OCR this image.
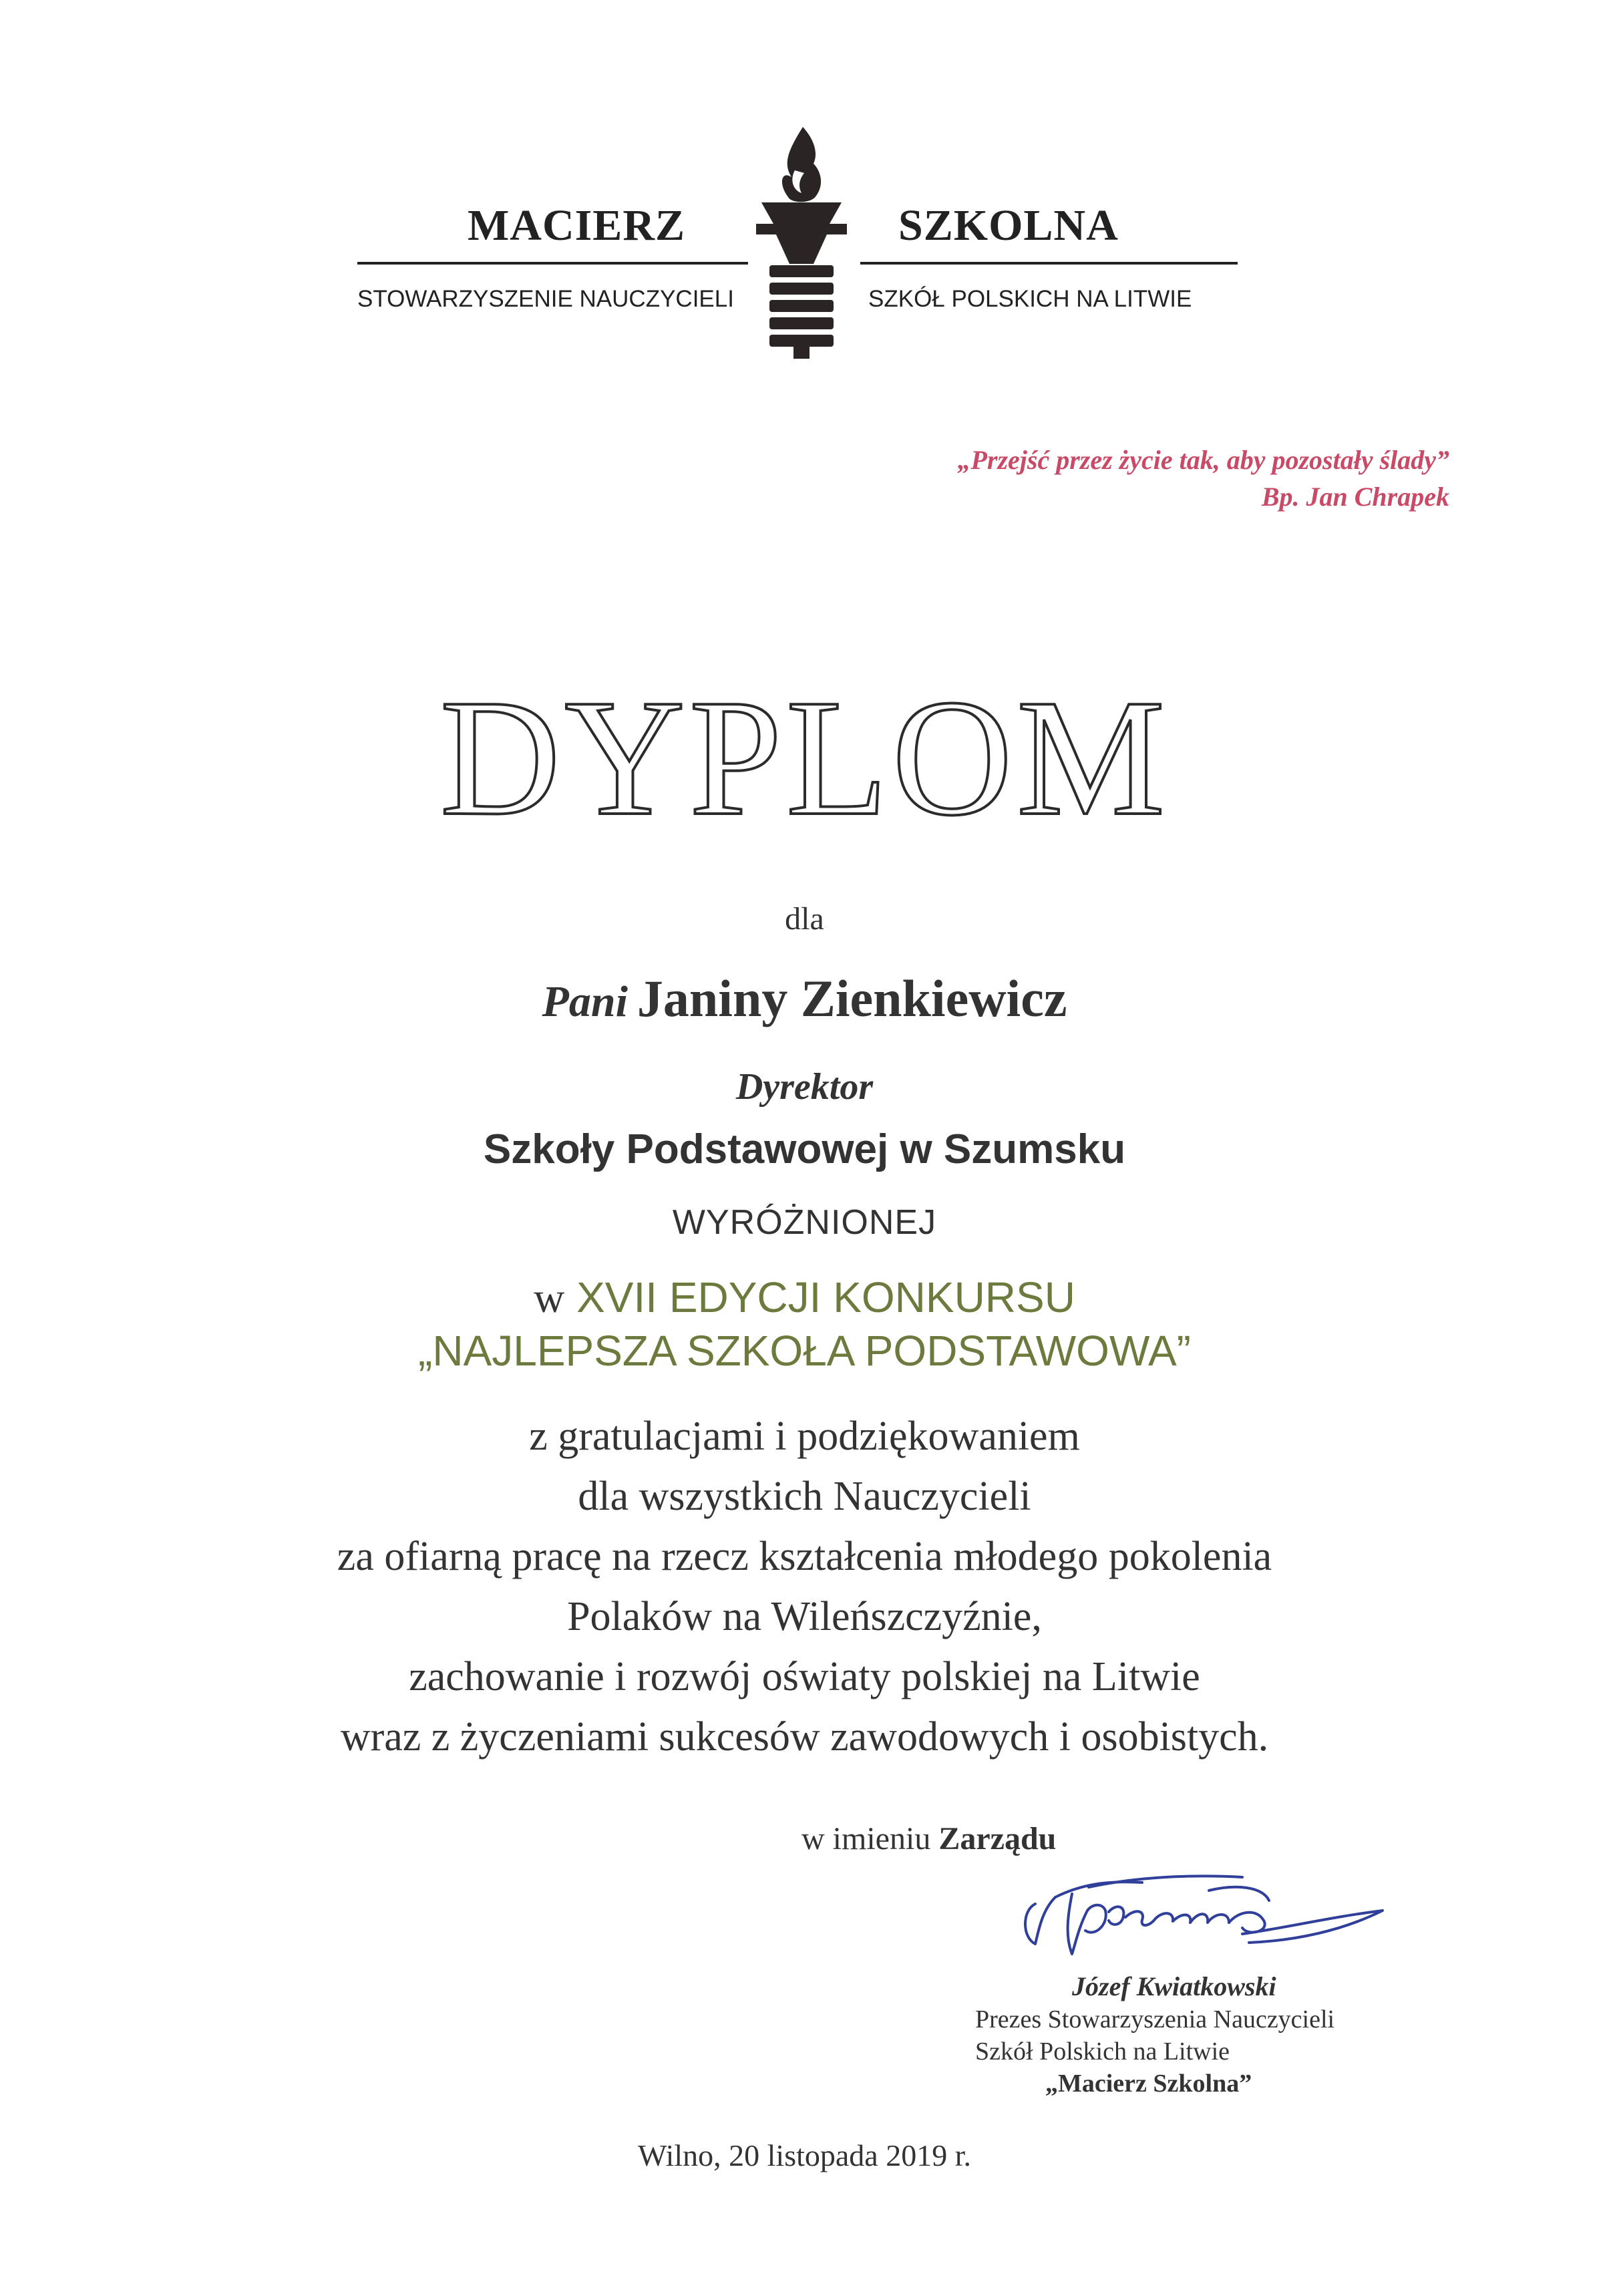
MACIERZ	SZKOLNA
STOWARZYSZENIE NAUCZYCIELI	SZKÓŁ POLSKICH NA LITWIE
„Przejść przez życie tak, aby pozostały ślady”
Bp. Jan Chrapek
DYPLOM
dla
Pani Janiny Zienkiewicz
Dyrektor
Szkoły Podstawowej w Szumsku
WYRÓŻNIONEJ
w XVII EDYCJI KONKURSU
„NAJLEPSZA SZKOŁA PODSTAWOWA”
z gratulacjami i podziękowaniem
dla wszystkich Nauczycieli
za ofiarną pracę na rzecz kształcenia młodego pokolenia
Polaków na Wileńszczyźnie,
zachowanie i rozwój oświaty polskiej na Litwie
wraz z życzeniami sukcesów zawodowych i osobistych.
w imieniu Zarządu
Józef Kwiatkowski
Prezes Stowarzyszenia Nauczycieli
Szkół Polskich na Litwie
„Macierz Szkolna”
Wilno, 20 listopada 2019 r.
